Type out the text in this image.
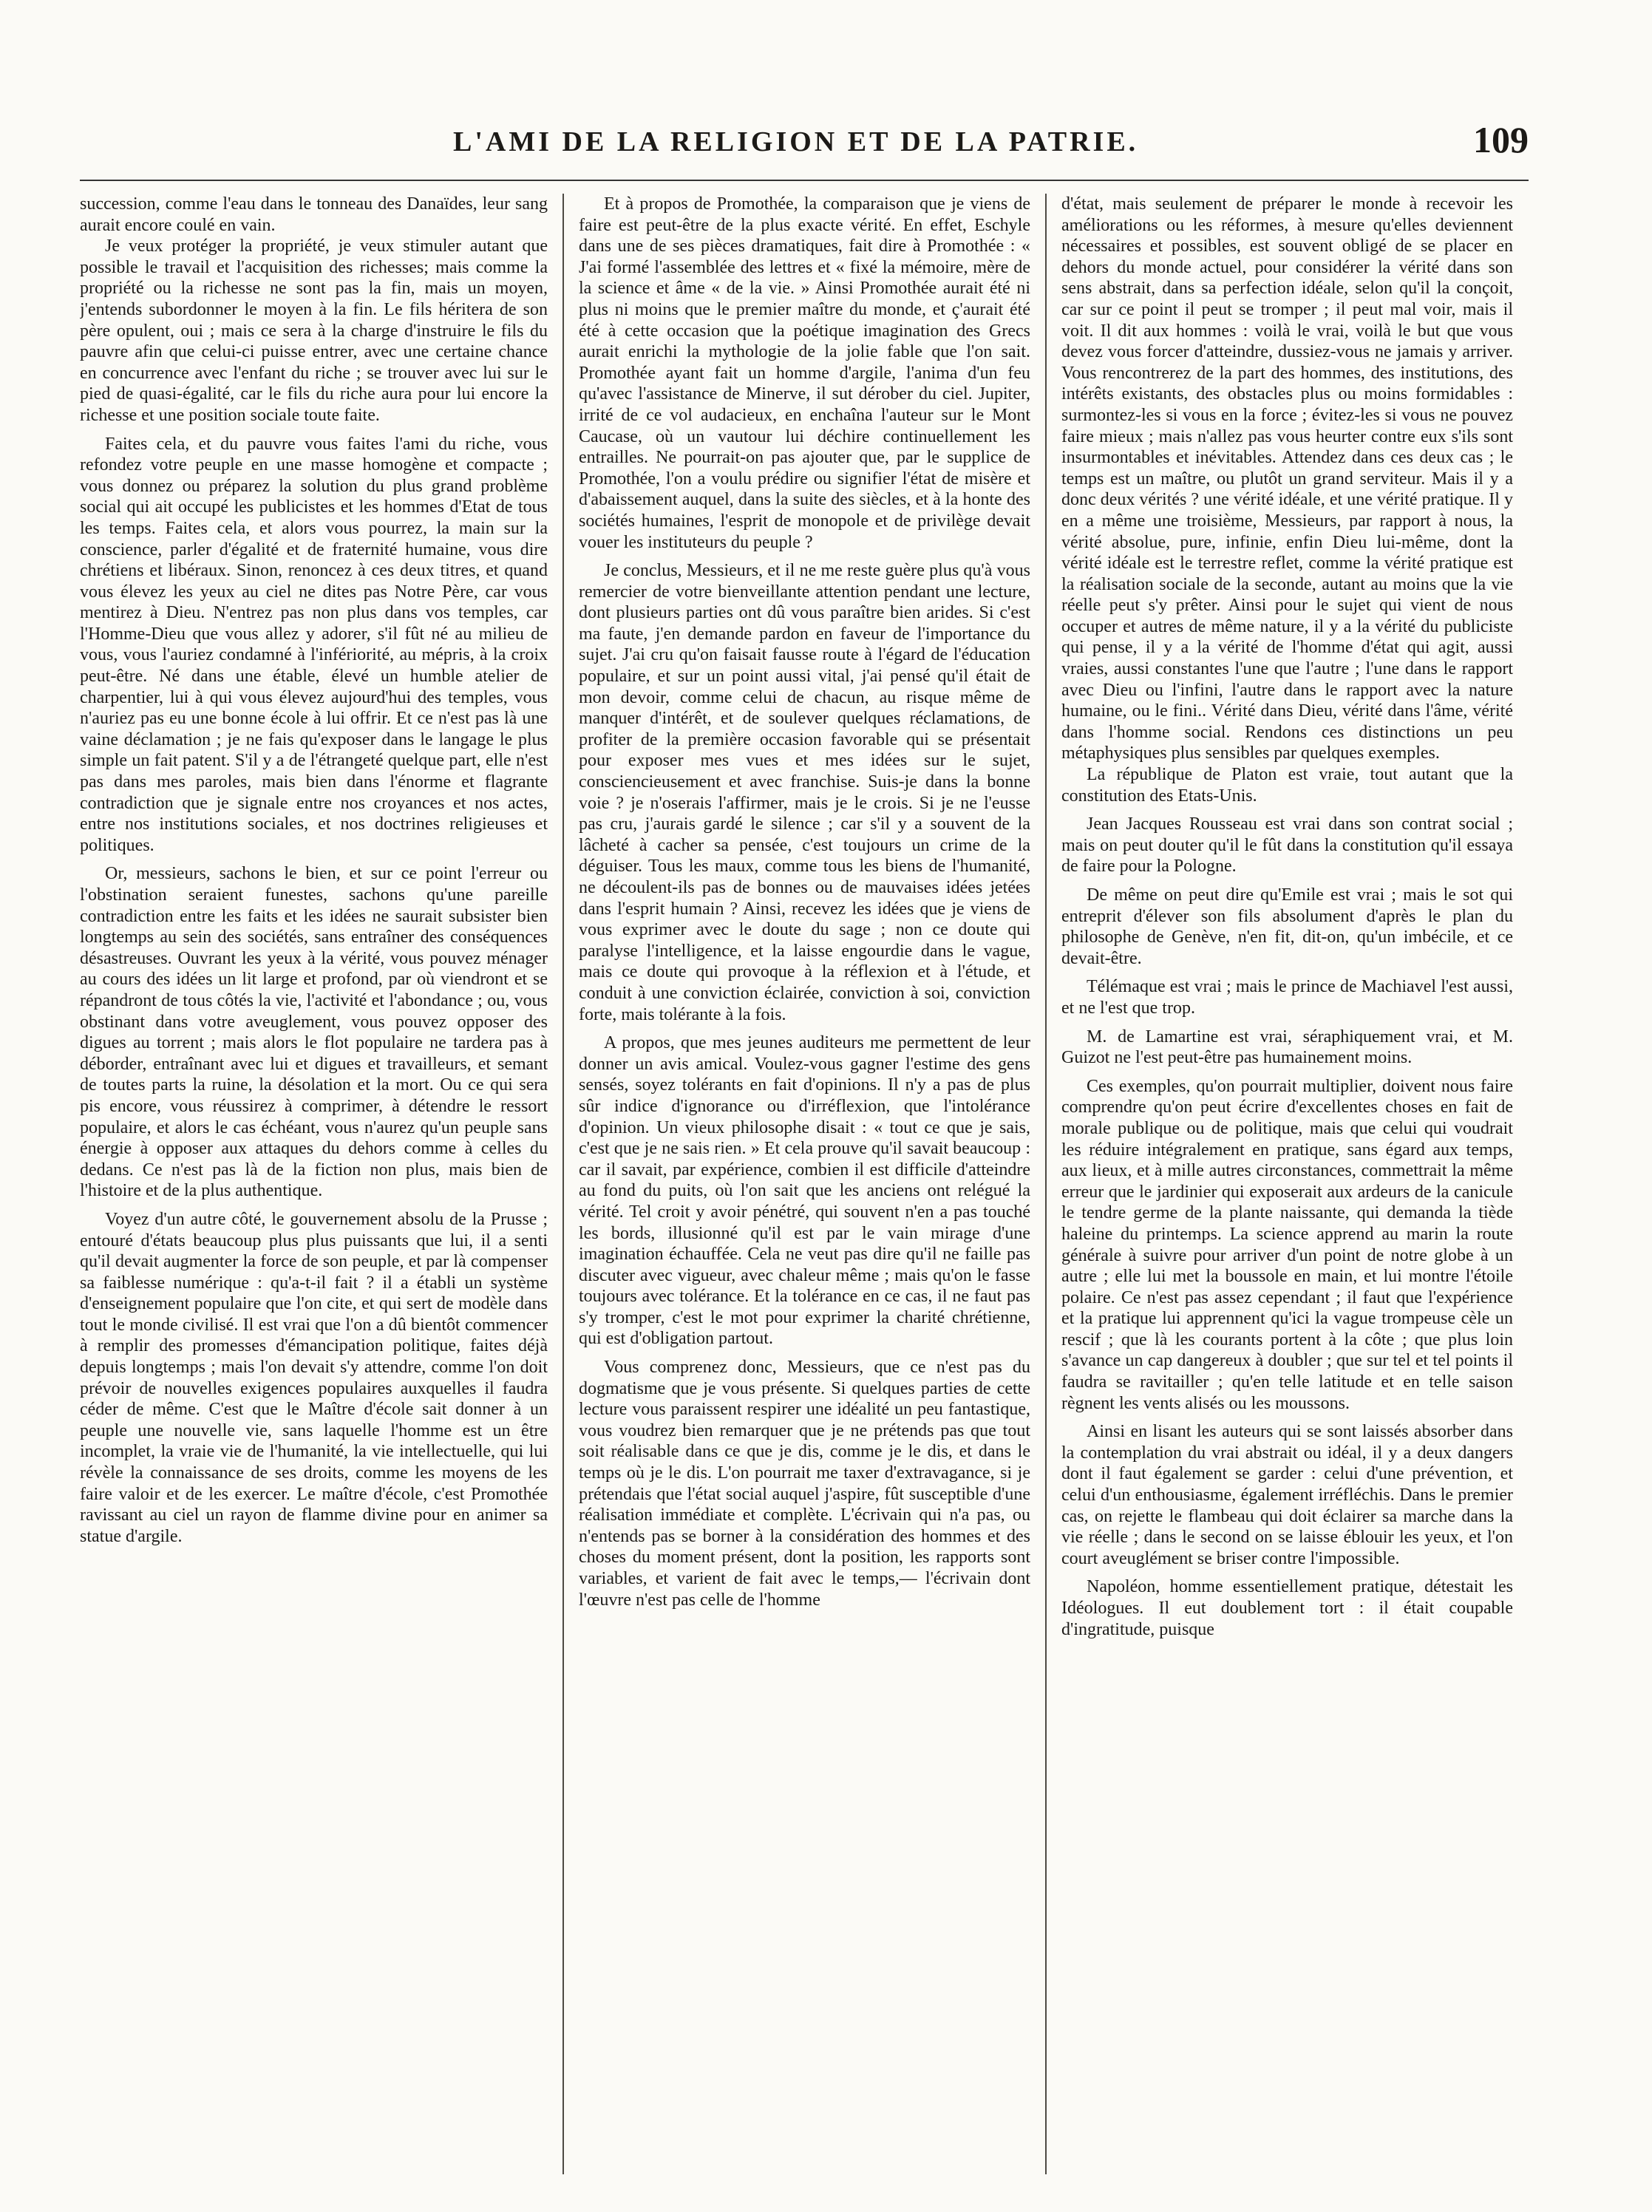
L'AMI DE LA RELIGION ET DE LA PATRIE.	109

succession, comme l'eau dans le tonneau des Danaïdes, leur sang aurait encore coulé en vain.

Je veux protéger la propriété, je veux stimuler autant que possible le travail et l'acquisition des richesses; mais comme la propriété ou la richesse ne sont pas la fin, mais un moyen, j'entends subordonner le moyen à la fin. Le fils héritera de son père opulent, oui ; mais ce sera à la charge d'instruire le fils du pauvre afin que celui-ci puisse entrer, avec une certaine chance en concurrence avec l'enfant du riche ; se trouver avec lui sur le pied de quasi-égalité, car le fils du riche aura pour lui encore la richesse et une position sociale toute faite.

Faites cela, et du pauvre vous faites l'ami du riche, vous refondez votre peuple en une masse homogène et compacte ; vous donnez ou préparez la solution du plus grand problème social qui ait occupé les publicistes et les hommes d'Etat de tous les temps. Faites cela, et alors vous pourrez, la main sur la conscience, parler d'égalité et de fraternité humaine, vous dire chrétiens et libéraux. Sinon, renoncez à ces deux titres, et quand vous élevez les yeux au ciel ne dites pas Notre Père, car vous mentirez à Dieu. N'entrez pas non plus dans vos temples, car l'Homme-Dieu que vous allez y adorer, s'il fût né au milieu de vous, vous l'auriez condamné à l'infériorité, au mépris, à la croix peut-être. Né dans une étable, élevé un humble atelier de charpentier, lui à qui vous élevez aujourd'hui des temples, vous n'auriez pas eu une bonne école à lui offrir. Et ce n'est pas là une vaine déclamation ; je ne fais qu'exposer dans le langage le plus simple un fait patent. S'il y a de l'étrangeté quelque part, elle n'est pas dans mes paroles, mais bien dans l'énorme et flagrante contradiction que je signale entre nos croyances et nos actes, entre nos institutions sociales, et nos doctrines religieuses et politiques.

Or, messieurs, sachons le bien, et sur ce point l'erreur ou l'obstination seraient funestes, sachons qu'une pareille contradiction entre les faits et les idées ne saurait subsister bien longtemps au sein des sociétés, sans entraîner des conséquences désastreuses. Ouvrant les yeux à la vérité, vous pouvez ménager au cours des idées un lit large et profond, par où viendront et se répandront de tous côtés la vie, l'activité et l'abondance ; ou, vous obstinant dans votre aveuglement, vous pouvez opposer des digues au torrent ; mais alors le flot populaire ne tardera pas à déborder, entraînant avec lui et digues et travailleurs, et semant de toutes parts la ruine, la désolation et la mort. Ou ce qui sera pis encore, vous réussirez à comprimer, à détendre le ressort populaire, et alors le cas échéant, vous n'aurez qu'un peuple sans énergie à opposer aux attaques du dehors comme à celles du dedans. Ce n'est pas là de la fiction non plus, mais bien de l'histoire et de la plus authentique.

Voyez d'un autre côté, le gouvernement absolu de la Prusse ; entouré d'états beaucoup plus plus puissants que lui, il a senti qu'il devait augmenter la force de son peuple, et par là compenser sa faiblesse numérique : qu'a-t-il fait ? il a établi un système d'enseignement populaire que l'on cite, et qui sert de modèle dans tout le monde civilisé. Il est vrai que l'on a dû bientôt commencer à remplir des promesses d'émancipation politique, faites déjà depuis longtemps ; mais l'on devait s'y attendre, comme l'on doit prévoir de nouvelles exigences populaires auxquelles il faudra céder de même. C'est que le Maître d'école sait donner à un peuple une nouvelle vie, sans laquelle l'homme est un être incomplet, la vraie vie de l'humanité, la vie intellectuelle, qui lui révèle la connaissance de ses droits, comme les moyens de les faire valoir et de les exercer. Le maître d'école, c'est Promothée ravissant au ciel un rayon de flamme divine pour en animer sa statue d'argile.

Et à propos de Promothée, la comparaison que je viens de faire est peut-être de la plus exacte vérité. En effet, Eschyle dans une de ses pièces dramatiques, fait dire à Promothée : « J'ai formé l'assemblée des lettres et « fixé la mémoire, mère de la science et âme « de la vie. » Ainsi Promothée aurait été ni plus ni moins que le premier maître du monde, et ç'aurait été été à cette occasion que la poétique imagination des Grecs aurait enrichi la mythologie de la jolie fable que l'on sait. Promothée ayant fait un homme d'argile, l'anima d'un feu qu'avec l'assistance de Minerve, il sut dérober du ciel. Jupiter, irrité de ce vol audacieux, en enchaîna l'auteur sur le Mont Caucase, où un vautour lui déchire continuellement les entrailles. Ne pourrait-on pas ajouter que, par le supplice de Promothée, l'on a voulu prédire ou signifier l'état de misère et d'abaissement auquel, dans la suite des siècles, et à la honte des sociétés humaines, l'esprit de monopole et de privilège devait vouer les instituteurs du peuple ?

Je conclus, Messieurs, et il ne me reste guère plus qu'à vous remercier de votre bienveillante attention pendant une lecture, dont plusieurs parties ont dû vous paraître bien arides. Si c'est ma faute, j'en demande pardon en faveur de l'importance du sujet. J'ai cru qu'on faisait fausse route à l'égard de l'éducation populaire, et sur un point aussi vital, j'ai pensé qu'il était de mon devoir, comme celui de chacun, au risque même de manquer d'intérêt, et de soulever quelques réclamations, de profiter de la première occasion favorable qui se présentait pour exposer mes vues et mes idées sur le sujet, consciencieusement et avec franchise. Suis-je dans la bonne voie ? je n'oserais l'affirmer, mais je le crois. Si je ne l'eusse pas cru, j'aurais gardé le silence ; car s'il y a souvent de la lâcheté à cacher sa pensée, c'est toujours un crime de la déguiser. Tous les maux, comme tous les biens de l'humanité, ne découlent-ils pas de bonnes ou de mauvaises idées jetées dans l'esprit humain ? Ainsi, recevez les idées que je viens de vous exprimer avec le doute du sage ; non ce doute qui paralyse l'intelligence, et la laisse engourdie dans le vague, mais ce doute qui provoque à la réflexion et à l'étude, et conduit à une conviction éclairée, conviction à soi, conviction forte, mais tolérante à la fois.

A propos, que mes jeunes auditeurs me permettent de leur donner un avis amical. Voulez-vous gagner l'estime des gens sensés, soyez tolérants en fait d'opinions. Il n'y a pas de plus sûr indice d'ignorance ou d'irréflexion, que l'intolérance d'opinion. Un vieux philosophe disait : « tout ce que je sais, c'est que je ne sais rien. » Et cela prouve qu'il savait beaucoup : car il savait, par expérience, combien il est difficile d'atteindre au fond du puits, où l'on sait que les anciens ont relégué la vérité. Tel croit y avoir pénétré, qui souvent n'en a pas touché les bords, illusionné qu'il est par le vain mirage d'une imagination échauffée. Cela ne veut pas dire qu'il ne faille pas discuter avec vigueur, avec chaleur même ; mais qu'on le fasse toujours avec tolérance. Et la tolérance en ce cas, il ne faut pas s'y tromper, c'est le mot pour exprimer la charité chrétienne, qui est d'obligation partout.

Vous comprenez donc, Messieurs, que ce n'est pas du dogmatisme que je vous présente. Si quelques parties de cette lecture vous paraissent respirer une idéalité un peu fantastique, vous voudrez bien remarquer que je ne prétends pas que tout soit réalisable dans ce que je dis, comme je le dis, et dans le temps où je le dis. L'on pourrait me taxer d'extravagance, si je prétendais que l'état social auquel j'aspire, fût susceptible d'une réalisation immédiate et complète. L'écrivain qui n'a pas, ou n'entends pas se borner à la considération des hommes et des choses du moment présent, dont la position, les rapports sont variables, et varient de fait avec le temps,— l'écrivain dont l'œuvre n'est pas celle de l'homme

d'état, mais seulement de préparer le monde à recevoir les améliorations ou les réformes, à mesure qu'elles deviennent nécessaires et possibles, est souvent obligé de se placer en dehors du monde actuel, pour considérer la vérité dans son sens abstrait, dans sa perfection idéale, selon qu'il la conçoit, car sur ce point il peut se tromper ; il peut mal voir, mais il voit. Il dit aux hommes : voilà le vrai, voilà le but que vous devez vous forcer d'atteindre, dussiez-vous ne jamais y arriver. Vous rencontrerez de la part des hommes, des institutions, des intérêts existants, des obstacles plus ou moins formidables : surmontez-les si vous en la force ; évitez-les si vous ne pouvez faire mieux ; mais n'allez pas vous heurter contre eux s'ils sont insurmontables et inévitables. Attendez dans ces deux cas ; le temps est un maître, ou plutôt un grand serviteur. Mais il y a donc deux vérités ? une vérité idéale, et une vérité pratique. Il y en a même une troisième, Messieurs, par rapport à nous, la vérité absolue, pure, infinie, enfin Dieu lui-même, dont la vérité idéale est le terrestre reflet, comme la vérité pratique est la réalisation sociale de la seconde, autant au moins que la vie réelle peut s'y prêter. Ainsi pour le sujet qui vient de nous occuper et autres de même nature, il y a la vérité du publiciste qui pense, il y a la vérité de l'homme d'état qui agit, aussi vraies, aussi constantes l'une que l'autre ; l'une dans le rapport avec Dieu ou l'infini, l'autre dans le rapport avec la nature humaine, ou le fini.. Vérité dans Dieu, vérité dans l'âme, vérité dans l'homme social. Rendons ces distinctions un peu métaphysiques plus sensibles par quelques exemples.

La république de Platon est vraie, tout autant que la constitution des Etats-Unis.

Jean Jacques Rousseau est vrai dans son contrat social ; mais on peut douter qu'il le fût dans la constitution qu'il essaya de faire pour la Pologne.

De même on peut dire qu'Emile est vrai ; mais le sot qui entreprit d'élever son fils absolument d'après le plan du philosophe de Genève, n'en fit, dit-on, qu'un imbécile, et ce devait-être.

Télémaque est vrai ; mais le prince de Machiavel l'est aussi, et ne l'est que trop.

M. de Lamartine est vrai, séraphiquement vrai, et M. Guizot ne l'est peut-être pas humainement moins.

Ces exemples, qu'on pourrait multiplier, doivent nous faire comprendre qu'on peut écrire d'excellentes choses en fait de morale publique ou de politique, mais que celui qui voudrait les réduire intégralement en pratique, sans égard aux temps, aux lieux, et à mille autres circonstances, commettrait la même erreur que le jardinier qui exposerait aux ardeurs de la canicule le tendre germe de la plante naissante, qui demanda la tiède haleine du printemps. La science apprend au marin la route générale à suivre pour arriver d'un point de notre globe à un autre ; elle lui met la boussole en main, et lui montre l'étoile polaire. Ce n'est pas assez cependant ; il faut que l'expérience et la pratique lui apprennent qu'ici la vague trompeuse cèle un rescif ; que là les courants portent à la côte ; que plus loin s'avance un cap dangereux à doubler ; que sur tel et tel points il faudra se ravitailler ; qu'en telle latitude et en telle saison règnent les vents alisés ou les moussons.

Ainsi en lisant les auteurs qui se sont laissés absorber dans la contemplation du vrai abstrait ou idéal, il y a deux dangers dont il faut également se garder : celui d'une prévention, et celui d'un enthousiasme, également irréfléchis. Dans le premier cas, on rejette le flambeau qui doit éclairer sa marche dans la vie réelle ; dans le second on se laisse éblouir les yeux, et l'on court aveuglément se briser contre l'impossible.

Napoléon, homme essentiellement pratique, détestait les Idéologues. Il eut doublement tort : il était coupable d'ingratitude, puisque
